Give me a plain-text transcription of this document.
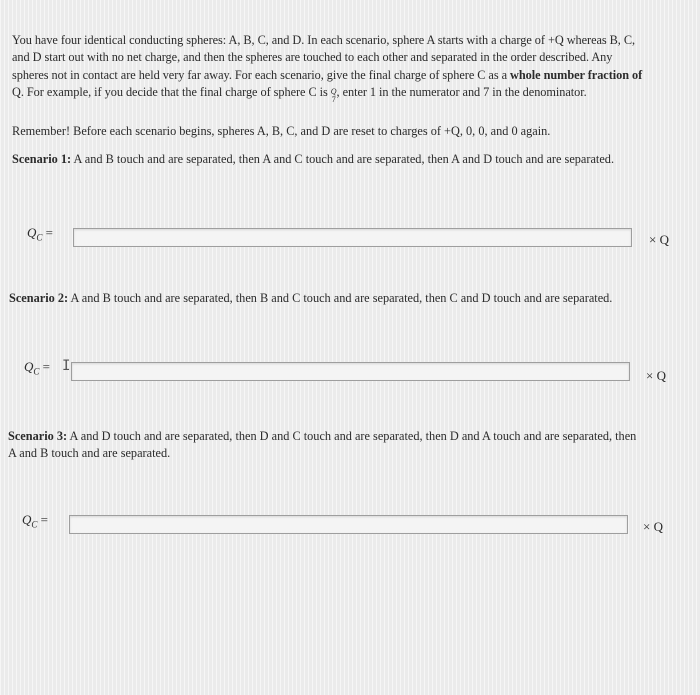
You have four identical conducting spheres: A, B, C, and D. In each scenario, sphere A starts with a charge of +Q whereas B, C,
and D start out with no net charge, and then the spheres are touched to each other and separated in the order described. Any
spheres not in contact are held very far away. For each scenario, give the final charge of sphere C as a whole number fraction of
Q. For example, if you decide that the final charge of sphere C is Q
7
, enter 1 in the numerator and 7 in the denominator.
Remember! Before each scenario begins, spheres A, B, C, and D are reset to charges of +Q, 0, 0, and 0 again.
Scenario 1: A and B touch and are separated, then A and C touch and are separated, then A and D touch and are separated.
$Q_C$ =	× Q
Scenario 2: A and B touch and are separated, then B and C touch and are separated, then C and D touch and are separated.
$Q_C = I$
× Q
Scenario 3: A and D touch and are separated, then D and C touch and are separated, then D and A touch and are separated, then
A and B touch and are separated.
$Q_C$ =	× Q
